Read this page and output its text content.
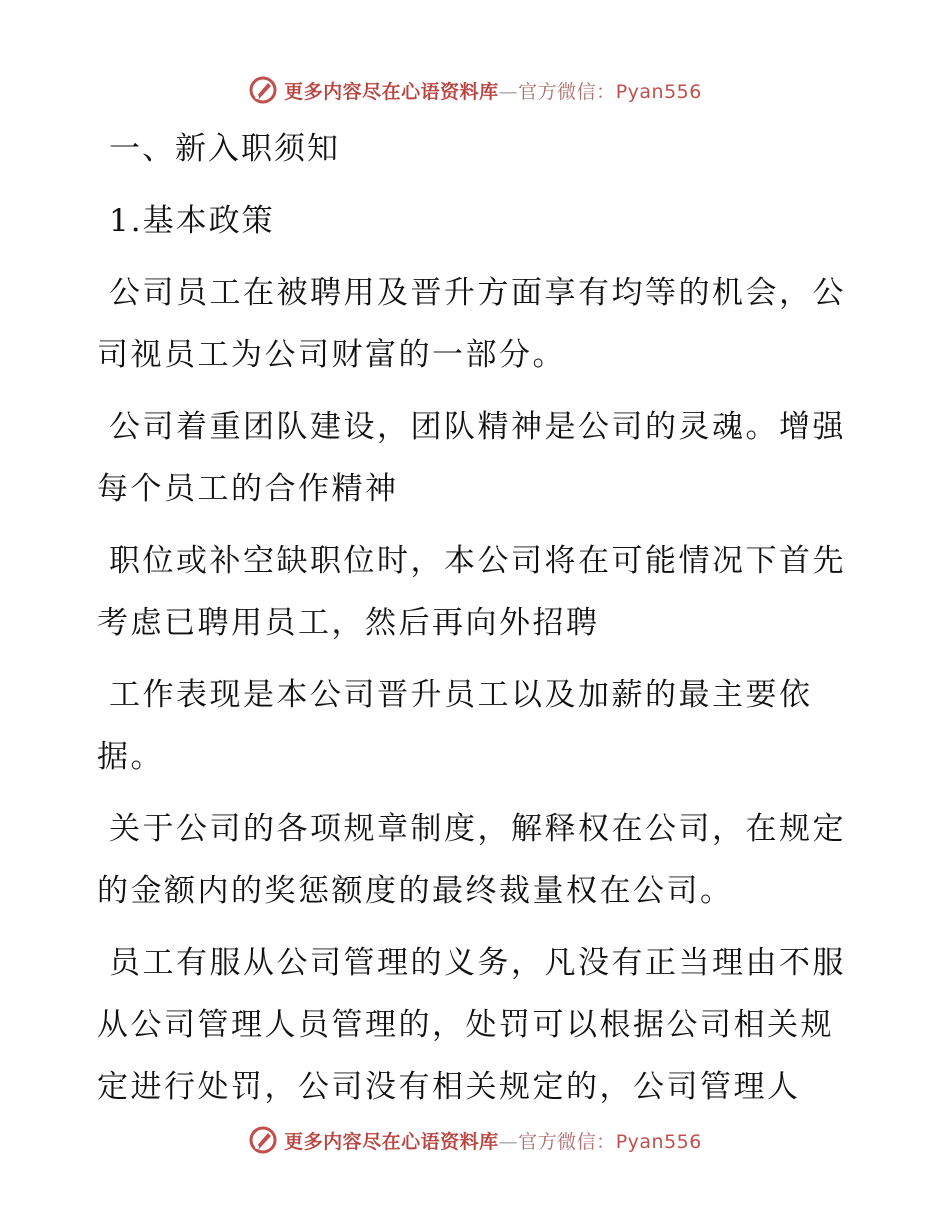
更多内容尽在心语资料库—官方微信：Pyan556
一、新入职须知
1.基本政策
公司员工在被聘用及晋升方面享有均等的机会，公司视员工为公司财富的一部分。
公司着重团队建设，团队精神是公司的灵魂。增强每个员工的合作精神
职位或补空缺职位时，本公司将在可能情况下首先考虑已聘用员工，然后再向外招聘
工作表现是本公司晋升员工以及加薪的最主要依据。
关于公司的各项规章制度，解释权在公司，在规定的金额内的奖惩额度的最终裁量权在公司。
员工有服从公司管理的义务，凡没有正当理由不服从公司管理人员管理的，处罚可以根据公司相关规定进行处罚，公司没有相关规定的，公司管理人
更多内容尽在心语资料库—官方微信：Pyan556
